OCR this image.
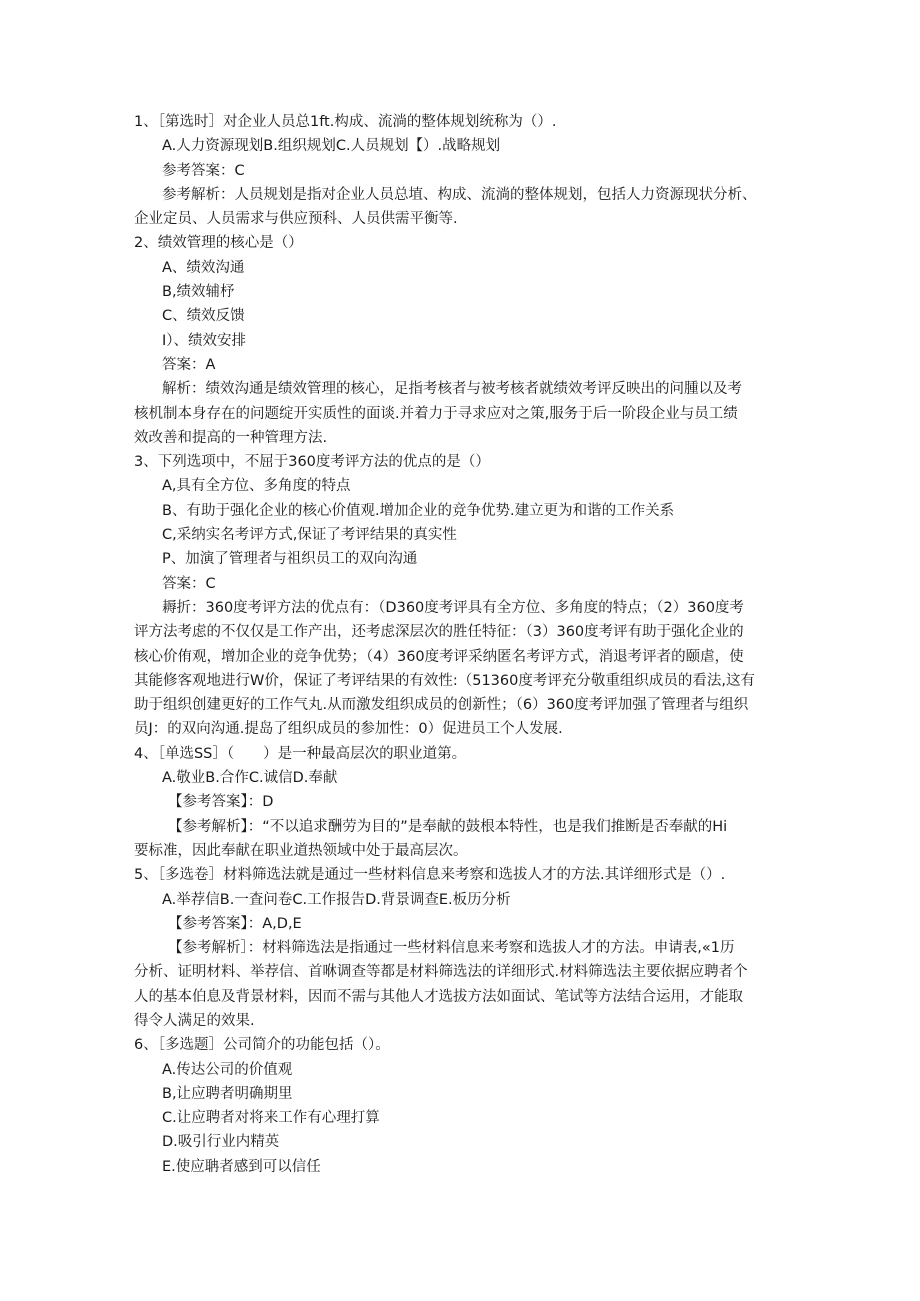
1、［第选时］对企业人员总1ft.构成、流淌的整体规划统称为（）.
A.人力资源现划B.组织规划C.人员规划【）.战略规划
参考答案：C
参考解析：人员规划是指对企业人员总埴、构成、流淌的整体规划，包括人力资源现状分析、
企业定员、人员需求与供应预科、人员供需平衡等.
2、绩效管理的核心是（）
A、绩效沟通
B,绩效辅杼
C、绩效反馈
I）、绩效安排
答案：A
解析：绩效沟通是绩效管理的核心，足指考核者与被考核者就绩效考评反映出的问腫以及考
核机制本身存在的问题绽开实质性的面谈.并着力于寻求应对之策,服务于后一阶段企业与员工绩
效改善和提高的一种管理方法.
3、下列选项中，不屈于360度考评方法的优点的是（）
A,具有全方位、多角度的特点
B、有助于强化企业的核心价值观.增加企业的竞争优势.建立更为和谐的工作关系
C,采纳实名考评方式,保证了考评结果的真实性
P、加演了管理者与祖织员工的双向沟通
答案：C
耨折：360度考评方法的优点有：（D360度考评具有全方位、多角度的特点；（2）360度考
评方法考虑的不仅仅是工作产出，还考虑深层次的胜任特征：（3）360度考评有助于强化企业的
核心价侑观，增加企业的竞争优势；（4）360度考评采纳匿名考评方式，消退考评者的颐虐，使
其能修客观地进行W价，保证了考评结果的有效性:（51360度考评充分敬重组织成员的看法,这有
助于组织创建更好的工作气丸.从而激发组织成员的创新性；（6）360度考评加强了管理者与组织
员J：的双向沟通.提岛了组织成员的参加性：0）促进员工个人发展.
4、［单选SS］（　　）是一种最高层次的职业道第。
A.敬业B.合作C.诚信D.奉献
【参考答案】：D
【参考解析】：“不以追求酬劳为目的”是奉献的鼓根本特性，也是我们推断是否奉献的Hi
要标准，因此奉献在职业道热领域中处于最高层次。
5、［多选卷］材料筛选法就是通过一些材料信息来考察和选拔人才的方法.其详细形式是（）.
A.举荐信B.一査问卷C.工作报告D.背景调查E.板历分析
【参考答案】：A,D,E
【参考解析］：材料筛选法是指通过一些材料信息来考察和选拔人才的方法。申请表,«1历
分析、证明材料、举荐信、首咻调查等都是材料筛选法的详细形式.材料筛选法主要依据应聘者个
人的基本伯息及背景材料，因而不需与其他人才选拔方法如面试、笔试等方法结合运用，才能取
得令人满足的效果.
6、［多选题］公司简介的功能包括（）。
A.传达公司的价值观
B,让应聘者明确期里
C.让应聘者对将来工作有心理打算
D.吸引行业内精英
E.使应聃者感到可以信任
